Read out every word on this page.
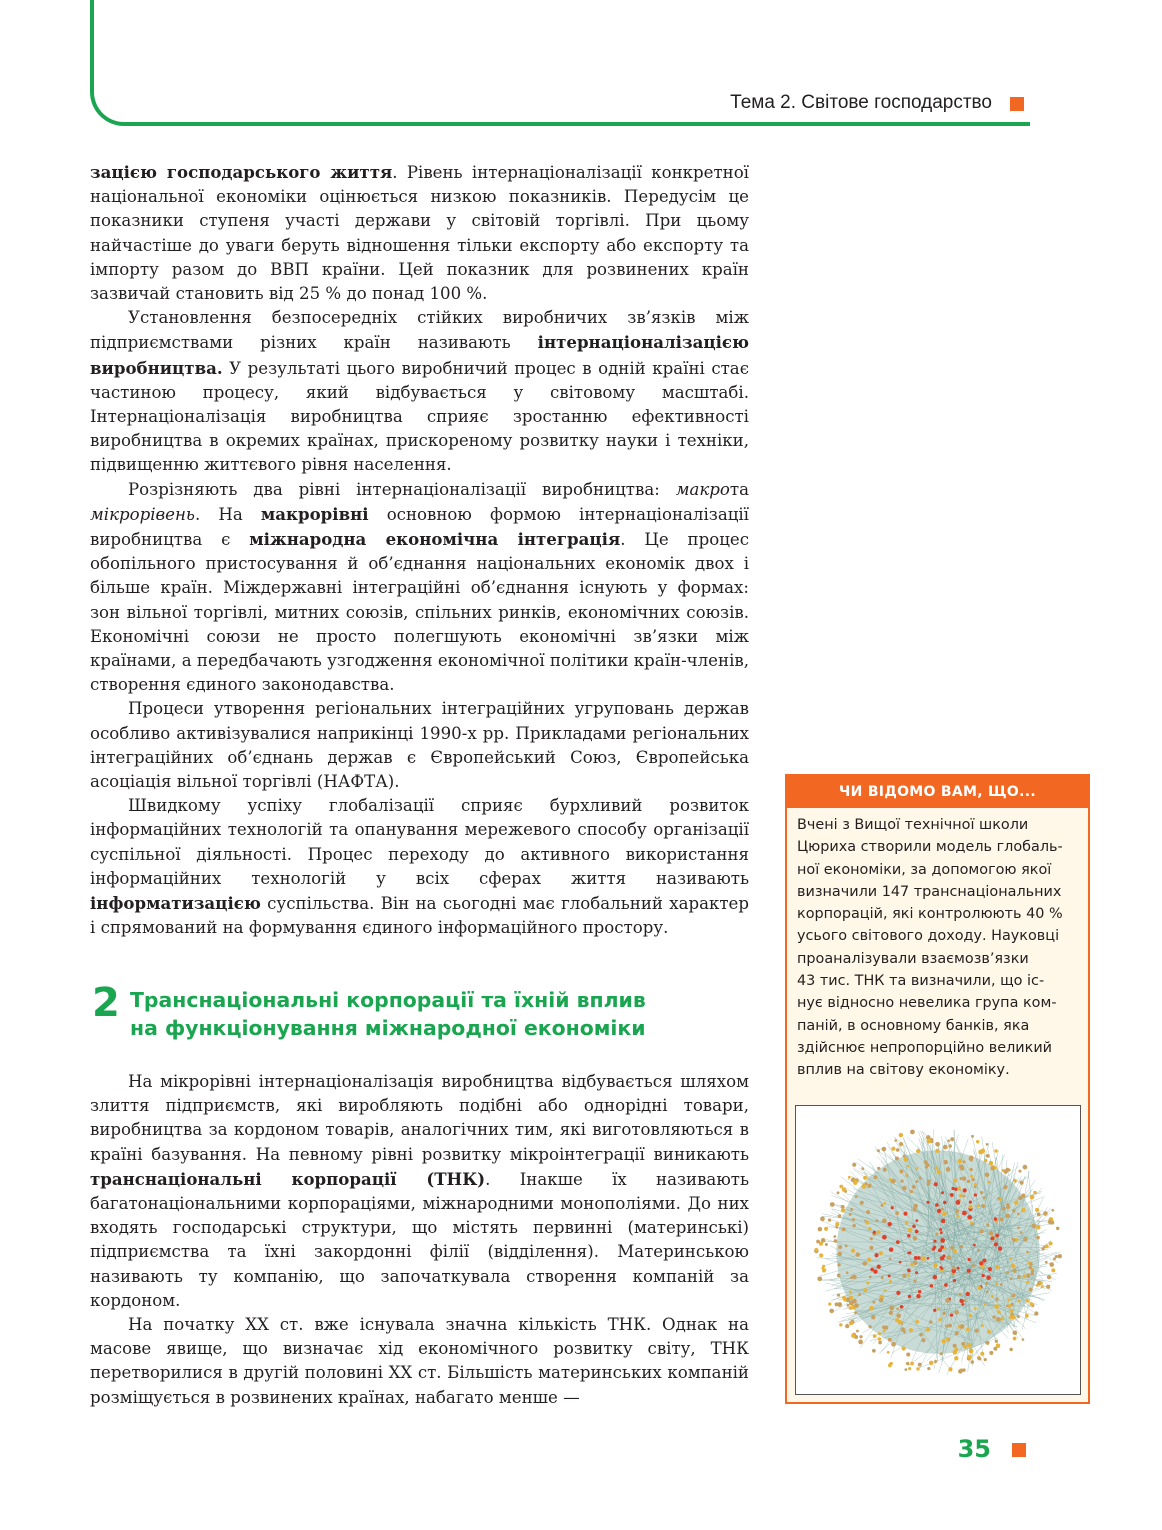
Тема 2. Світове господарство

зацією господарського життя. Рівень інтернаціоналізації конкретної національної економіки оцінюється низкою показників. Передусім це показники ступеня участі держави у світовій торгівлі. При цьому найчастіше до уваги беруть відношення тільки експорту або експорту та імпорту разом до ВВП країни. Цей показник для розвинених країн зазвичай становить від 25 % до понад 100 %.

Установлення безпосередніх стійких виробничих зв’язків між підприємствами різних країн називають інтернаціоналізацією виробництва. У результаті цього виробничий процес в одній країні стає частиною процесу, який відбувається у світовому масштабі. Інтернаціоналізація виробництва сприяє зростанню ефективності виробництва в окремих країнах, прискореному розвитку науки і техніки, підвищенню життєвого рівня населення.

Розрізняють два рівні інтернаціоналізації виробництва: макрота мікрорівень. На макрорівні основною формою інтернаціоналізації виробництва є міжнародна економічна інтеграція. Це процес обопільного пристосування й об’єднання національних економік двох і більше країн. Міждержавні інтеграційні об’єднання існують у формах: зон вільної торгівлі, митних союзів, спільних ринків, економічних союзів. Економічні союзи не просто полегшують економічні зв’язки між країнами, а передбачають узгодження економічної політики країн-членів, створення єдиного законодавства.

Процеси утворення регіональних інтеграційних угруповань держав особливо активізувалися наприкінці 1990-х рр. Прикладами регіональних інтеграційних об’єднань держав є Європейський Союз, Європейська асоціація вільної торгівлі (НАФТА).

Швидкому успіху глобалізації сприяє бурхливий розвиток інформаційних технологій та опанування мережевого способу організації суспільної діяльності. Процес переходу до активного використання інформаційних технологій у всіх сферах життя називають інформатизацією суспільства. Він на сьогодні має глобальний характер і спрямований на формування єдиного інформаційного простору.

2 Транснаціональні корпорації та їхній вплив
на функціонування міжнародної економіки

На мікрорівні інтернаціоналізація виробництва відбувається шляхом злиття підприємств, які виробляють подібні або однорідні товари, виробництва за кордоном товарів, аналогічних тим, які виготовляються в країні базування. На певному рівні розвитку мікроінтеграції виникають транснаціональні корпорації (ТНК). Інакше їх називають багатонаціональними корпораціями, міжнародними монополіями. До них входять господарські структури, що містять первинні (материнські) підприємства та їхні закордонні філії (відділення). Материнською називають ту компанію, що започаткувала створення компаній за кордоном.

На початку XX ст. вже існувала значна кількість ТНК. Однак на масове явище, що визначає хід економічного розвитку світу, ТНК перетворилися в другій половині XX ст. Більшість материнських компаній розміщується в розвинених країнах, набагато менше —

ЧИ ВІДОМО ВАМ, ЩО...
Вчені з Вищої технічної школи
Цюриха створили модель глобаль-
ної економіки, за допомогою якої
визначили 147 транснаціональних
корпорацій, які контролюють 40 %
усього світового доходу. Науковці
проаналізували взаємозв’язки
43 тис. ТНК та визначили, що іс-
нує відносно невелика група ком-
паній, в основному банків, яка
здійснює непропорційно великий
вплив на світову економіку.
35
